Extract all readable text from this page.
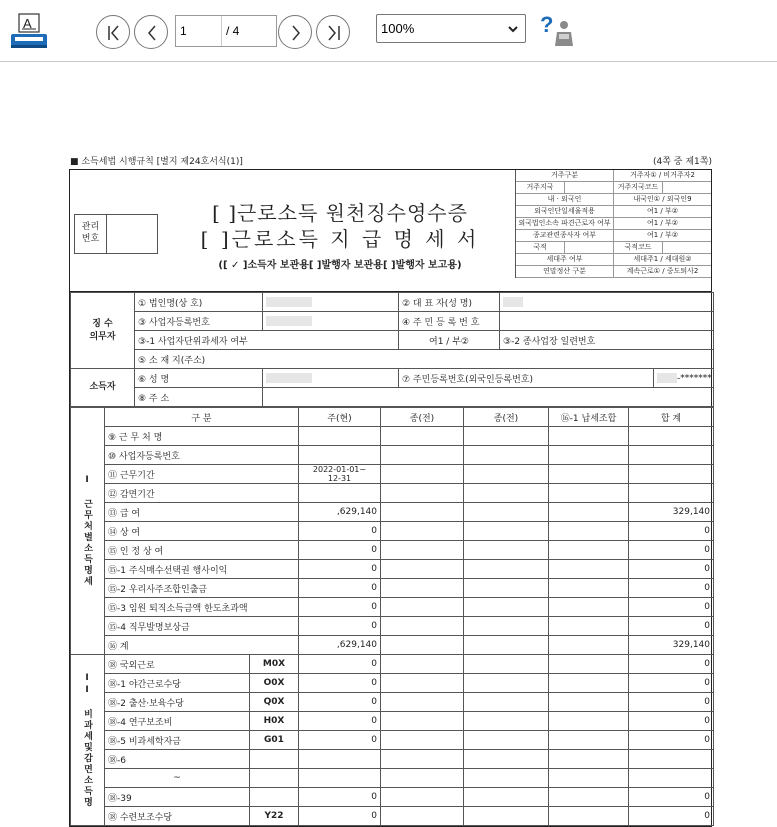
A	1	/ 4	100%	?
■ 소득세법 시행규칙 [별지 제24호서식(1)]	(4쪽 중 제1쪽)
관리
번호
[ ]근로소득 원천징수영수증
[ ]근로소득 지 급 명 세 서
([ ✓ ]소득자 보관용[ ]발행자 보관용[ ]발행자 보고용)
거주구분	거주자① / 비거주자2
거주지국	거주지국코드
내 · 외국인	내국인① / 외국인9
외국인단일세율적용	여1 / 부②
외국법인소속 파견근로자 여부	여1 / 부②
종교관련종사자 여부	여1 / 부②
국적	국적코드
세대주 여부	세대주1 / 세대원②
연말정산 구분	계속근로① / 중도퇴사2
징 수
의무자	① 법인명(상 호)		② 대 표 자(성 명)		
	③ 사업자등록번호		④ 주 민 등 록 번 호		
	③-1 사업자단위과세자 여부		여1 / 부②	③-2 종사업장 일련번호	
	⑤ 소 재 지(주소)				
소득자	⑥ 성 명		⑦ 주민등록번호(외국인등록번호)		-*******
	⑧ 주 소				
I 근무처별소득명세	구 분		주(현)	종(전)	종(전)	⑯-1 납세조합	합 계
	⑨ 근 무 처 명						
	⑩ 사업자등록번호						
	⑪ 근무기간		2022-01-01~
12-31				
	⑫ 감면기간						
	⑬ 급 여		,629,140				329,140
	⑭ 상 여		0				0
	⑮ 인 정 상 여		0				0
	⑮-1 주식매수선택권 행사이익		0				0
	⑮-2 우리사주조합인출금		0				0
	⑮-3 임원 퇴직소득금액 한도초과액		0				0
	⑮-4 직무발명보상금		0				0
	⑯ 계		,629,140				329,140
II 비과세및감면소득명	⑱ 국외근로	M0X	0				0
	⑱-1 야간근로수당	O0X	0				0
	⑱-2 출산·보육수당	Q0X	0				0
	⑱-4 연구보조비	H0X	0				0
	⑱-5 비과세학자금	G01	0				0
	⑱-6						
	~						
	⑱-39		0				0
	⑱ 수련보조수당	Y22	0				0
